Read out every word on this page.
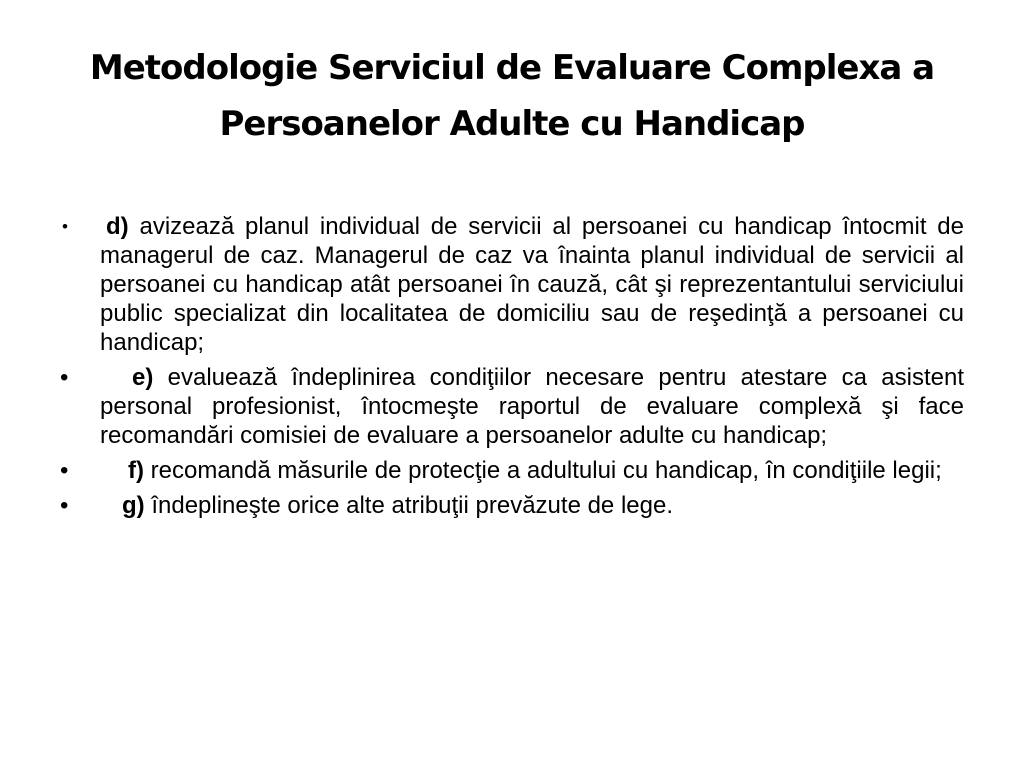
Metodologie Serviciul de Evaluare Complexa a
Persoanelor Adulte cu Handicap
• d) avizează planul individual de servicii al persoanei cu handicap întocmit de managerul de caz. Managerul de caz va înainta planul individual de servicii al persoanei cu handicap atât persoanei în cauză, cât şi reprezentantului serviciului public specializat din localitatea de domiciliu sau de reşedinţă a persoanei cu handicap;
•	e) evaluează îndeplinirea condiţiilor necesare pentru atestare ca asistent personal profesionist, întocmeşte raportul de evaluare complexă şi face recomandări comisiei de evaluare a persoanelor adulte cu handicap;
• f) recomandă măsurile de protecţie a adultului cu handicap, în condiţiile legii;
• g) îndeplineşte orice alte atribuţii prevăzute de lege.
